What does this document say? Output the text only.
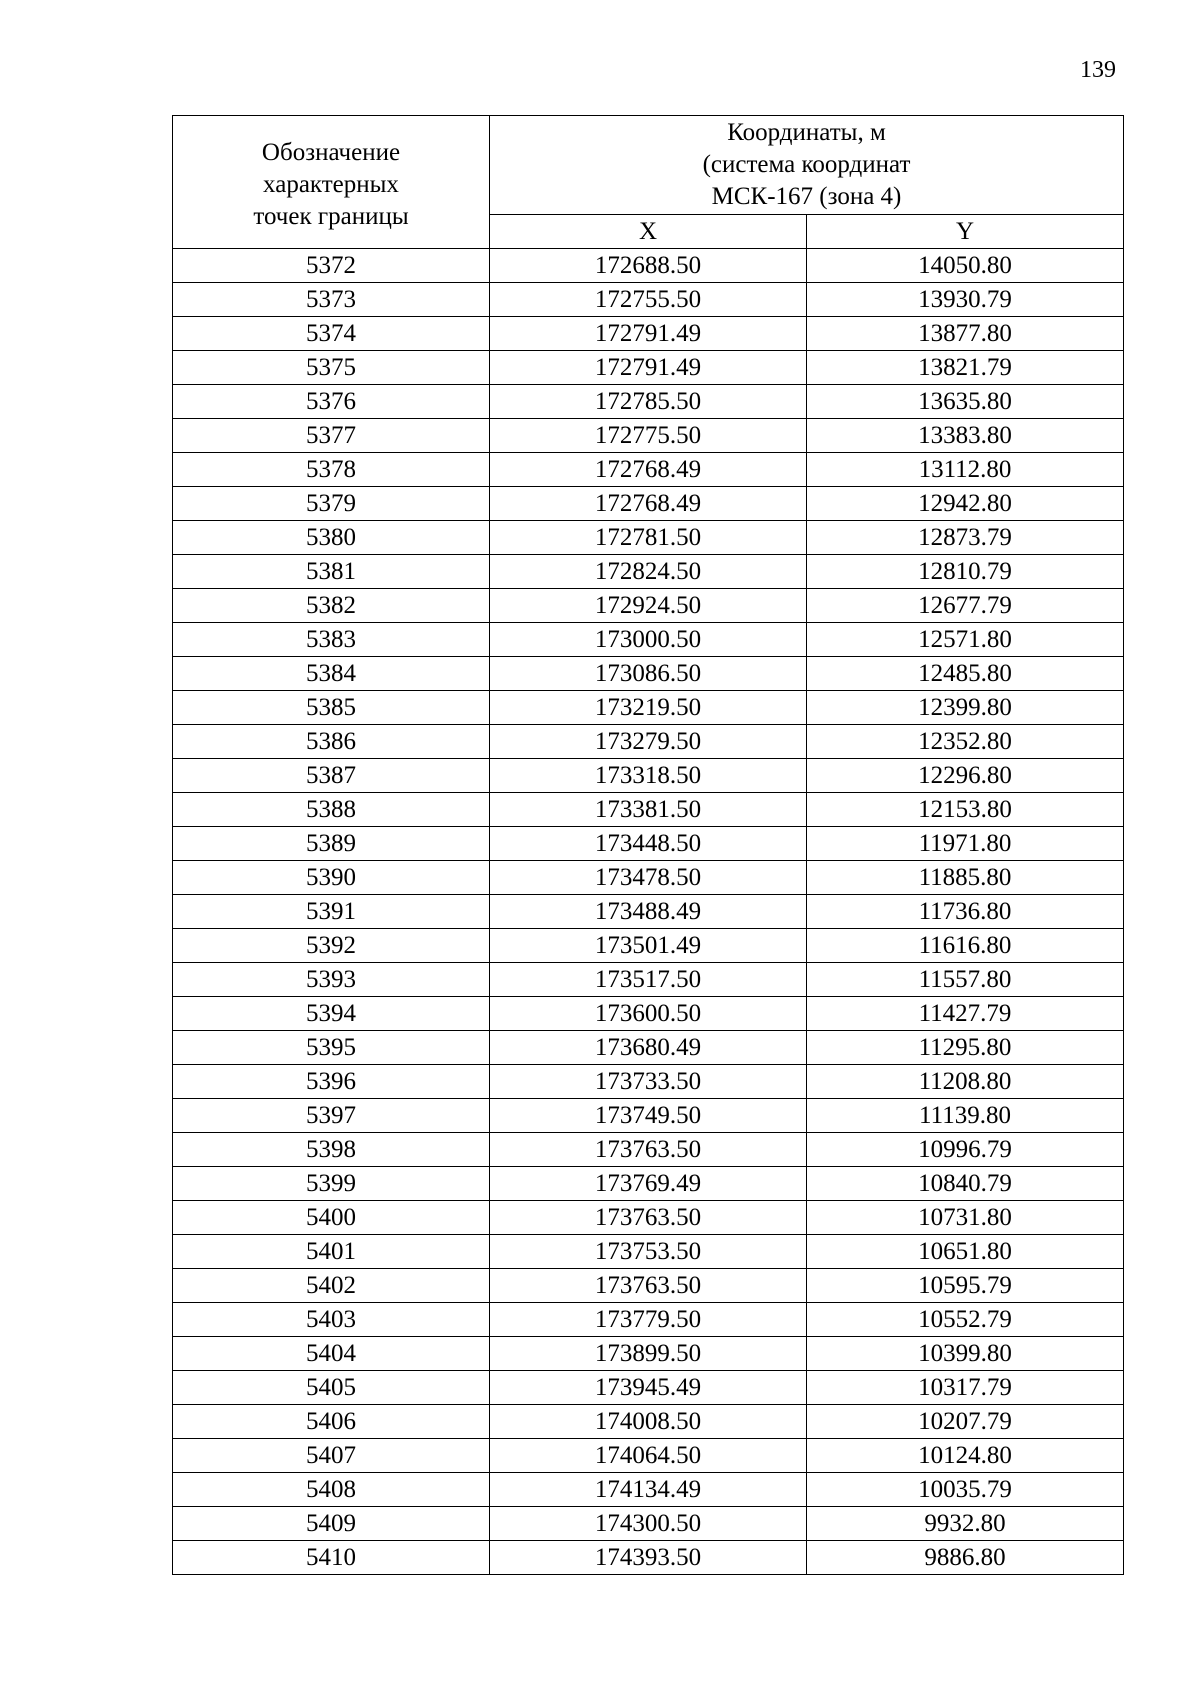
139
Обозначение
характерных
точек границы	Координаты, м
(система координат
МСК-167 (зона 4)	

	X	Y
5372	172688.50	14050.80
5373	172755.50	13930.79
5374	172791.49	13877.80
5375	172791.49	13821.79
5376	172785.50	13635.80
5377	172775.50	13383.80
5378	172768.49	13112.80
5379	172768.49	12942.80
5380	172781.50	12873.79
5381	172824.50	12810.79
5382	172924.50	12677.79
5383	173000.50	12571.80
5384	173086.50	12485.80
5385	173219.50	12399.80
5386	173279.50	12352.80
5387	173318.50	12296.80
5388	173381.50	12153.80
5389	173448.50	11971.80
5390	173478.50	11885.80
5391	173488.49	11736.80
5392	173501.49	11616.80
5393	173517.50	11557.80
5394	173600.50	11427.79
5395	173680.49	11295.80
5396	173733.50	11208.80
5397	173749.50	11139.80
5398	173763.50	10996.79
5399	173769.49	10840.79
5400	173763.50	10731.80
5401	173753.50	10651.80
5402	173763.50	10595.79
5403	173779.50	10552.79
5404	173899.50	10399.80
5405	173945.49	10317.79
5406	174008.50	10207.79
5407	174064.50	10124.80
5408	174134.49	10035.79
5409	174300.50	9932.80
5410	174393.50	9886.80
